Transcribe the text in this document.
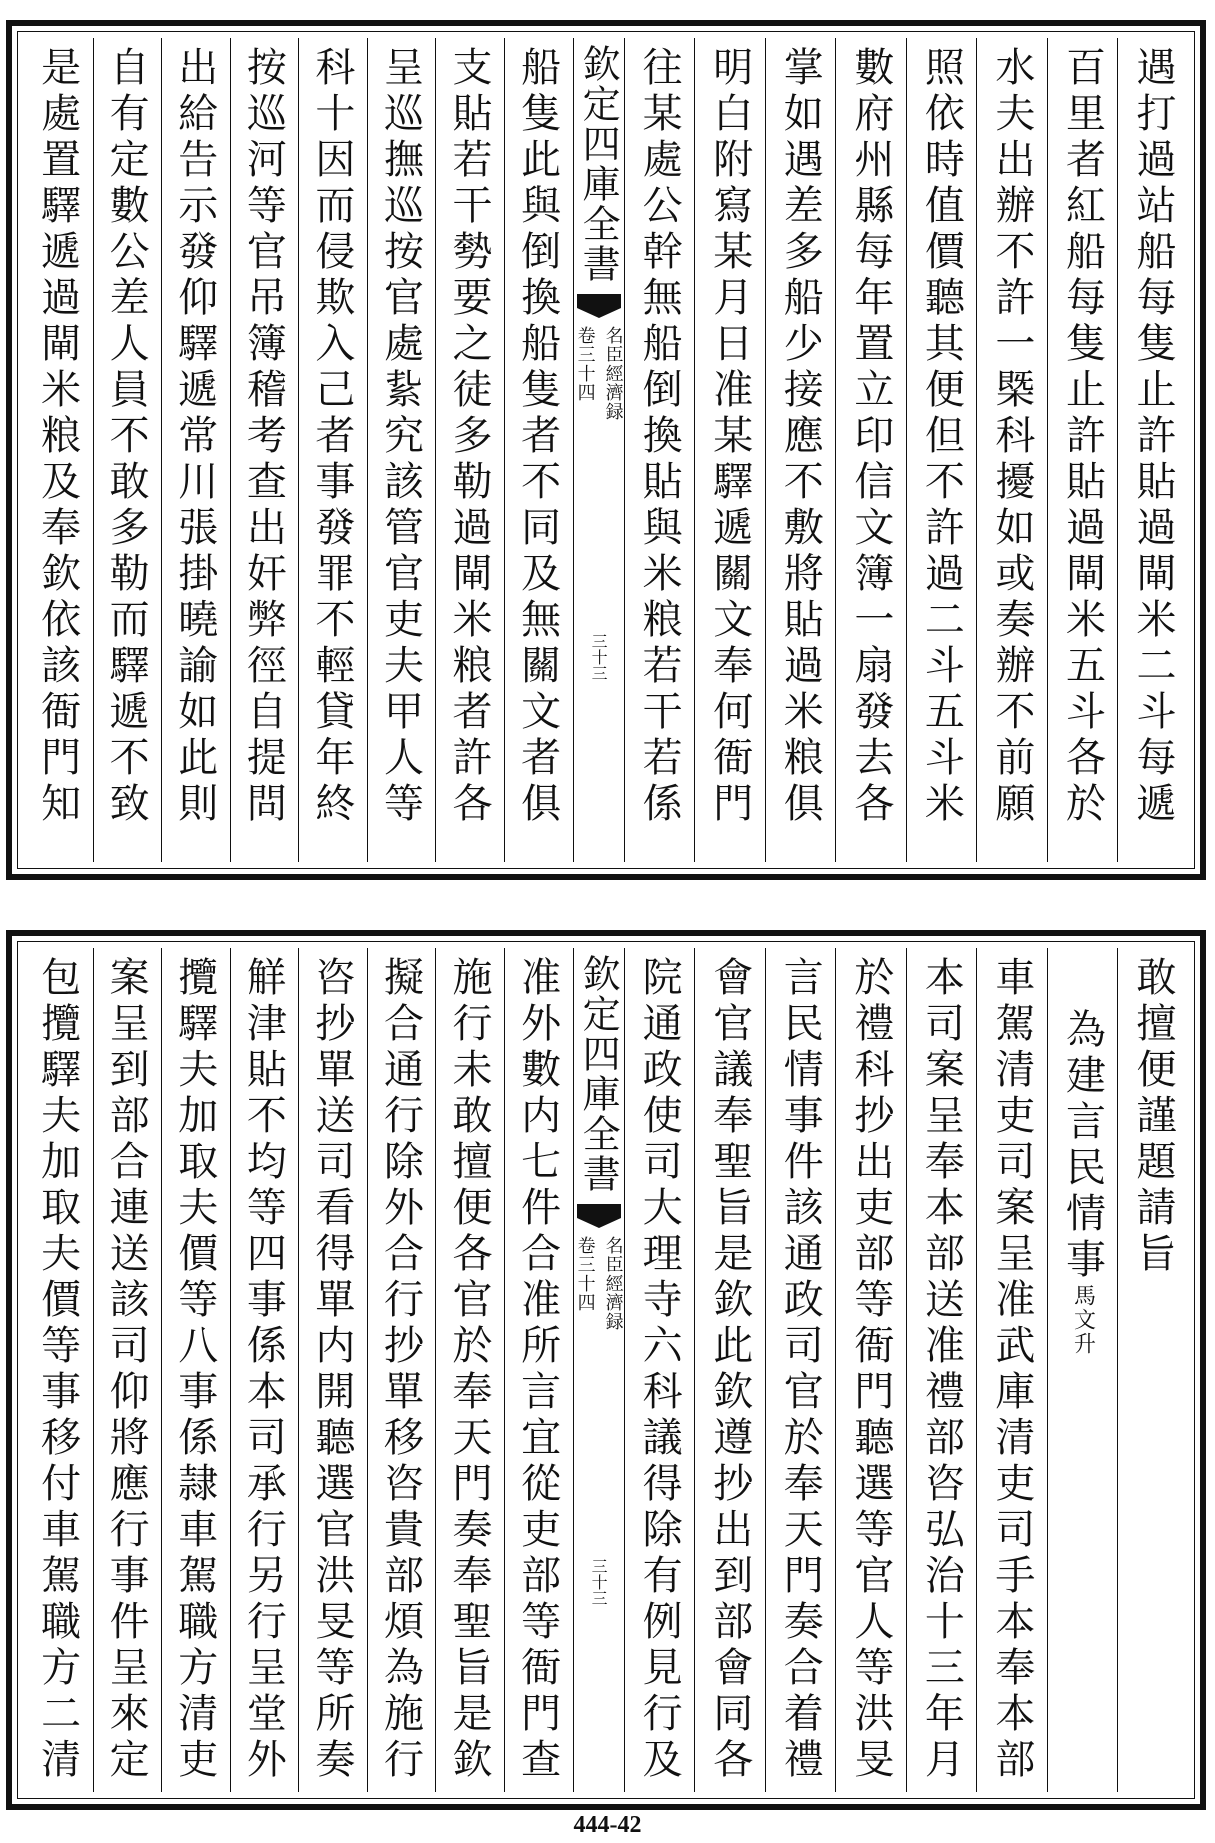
遇打過站船每隻止許貼過閘米二斗每遞
百里者紅船每隻止許貼過閘米五斗各於
水夫出辦不許一槩科擾如或奏辦不前願
照依時值價聽其便但不許過二斗五斗米
數府州縣每年置立印信文簿一扇發去各
掌如遇差多船少接應不敷將貼過米粮俱
明白附寫某月日准某驛遞關文奉何衙門
往某處公幹無船倒換貼與米粮若干若係
欽定四庫全書
名臣經濟録
卷三十四
三十三
船隻此與倒換船隻者不同及無關文者俱
支貼若干勢要之徒多勒過閘米粮者許各
呈巡撫巡按官處紥究該管官吏夫甲人等
科十因而侵欺入己者事發罪不輕貸年終
按巡河等官吊簿稽考查出奸弊徑自提問
出給告示發仰驛遞常川張掛曉諭如此則
自有定數公差人員不敢多勒而驛遞不致
是處置驛遞過閘米粮及奉欽依該衙門知
敢擅便謹題請旨
為建言民情事馬文升
車駕清吏司案呈准武庫清吏司手本奉本部
本司案呈奉本部送准禮部咨弘治十三年月
於禮科抄出吏部等衙門聽選等官人等洪旻
言民情事件該通政司官於奉天門奏合着禮
會官議奉聖旨是欽此欽遵抄出到部會同各
院通政使司大理寺六科議得除有例見行及
欽定四庫全書
名臣經濟録
卷三十四
三十三
准外數内七件合准所言宜從吏部等衙門查
施行未敢擅便各官於奉天門奏奉聖旨是欽
擬合通行除外合行抄單移咨貴部煩為施行
咨抄單送司看得單内開聽選官洪旻等所奏
觧津貼不均等四事係本司承行另行呈堂外
攬驛夫加取夫價等八事係隷車駕職方清吏
案呈到部合連送該司仰將應行事件呈來定
包攬驛夫加取夫價等事移付車駕職方二清
444-42
